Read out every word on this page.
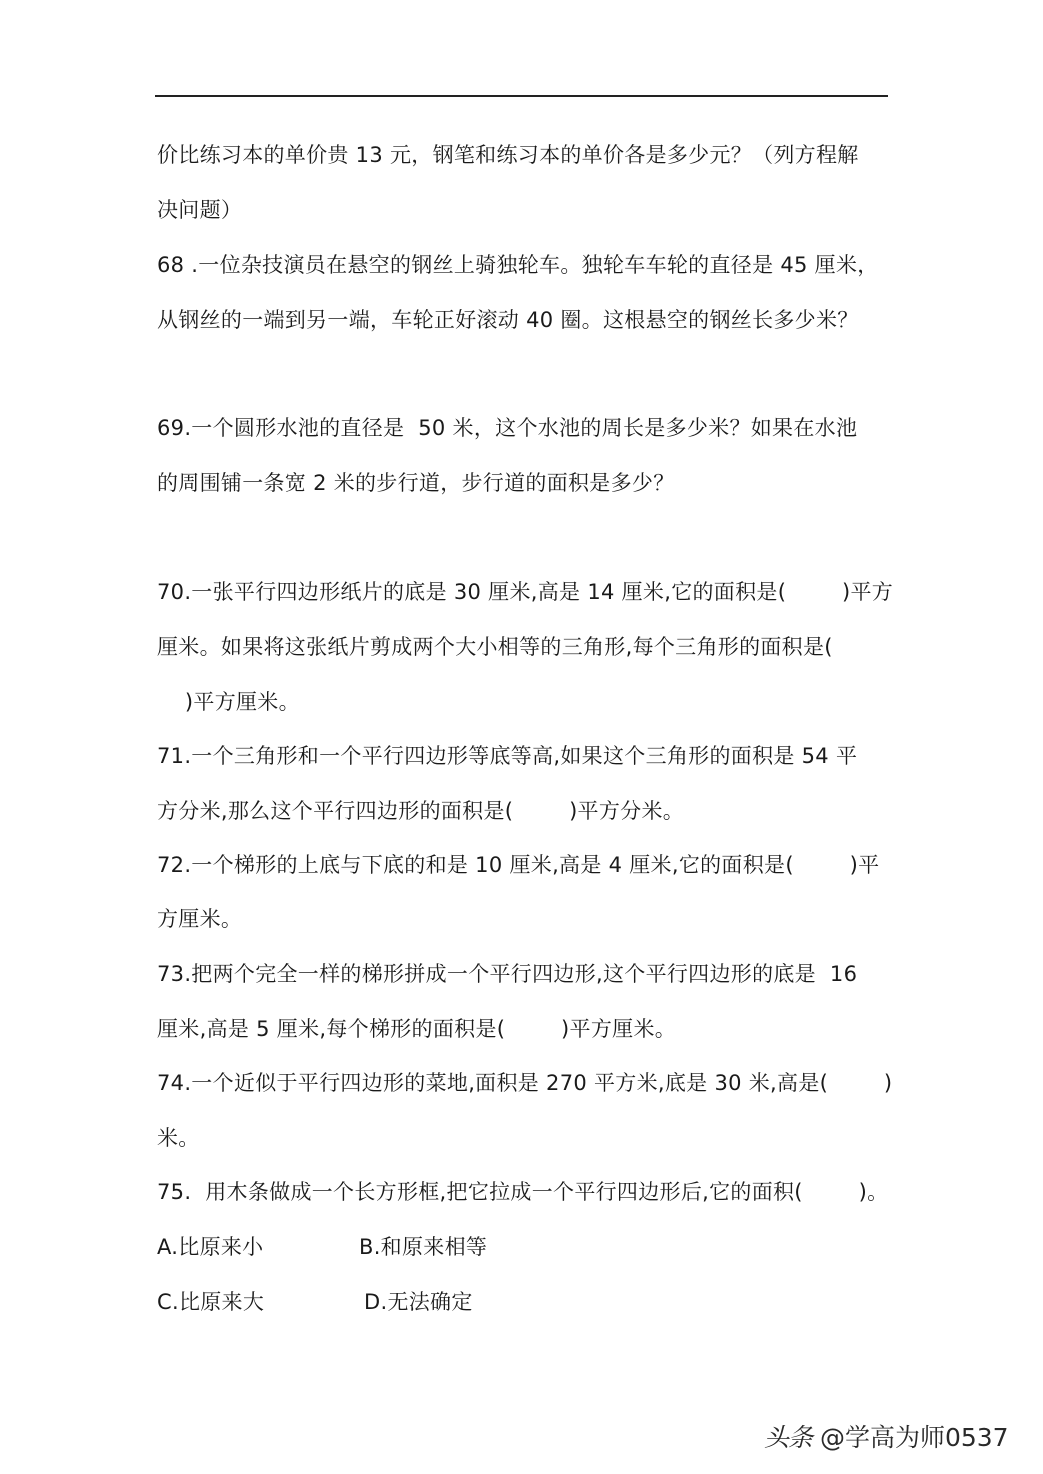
价比练习本的单价贵 13 元，钢笔和练习本的单价各是多少元？（列方程解
决问题）
68 .一位杂技演员在悬空的钢丝上骑独轮车。独轮车车轮的直径是 45 厘米，
从钢丝的一端到另一端，车轮正好滚动 40 圈。这根悬空的钢丝长多少米？
69.一个圆形水池的直径是  50 米，这个水池的周长是多少米？如果在水池
的周围铺一条宽 2 米的步行道，步行道的面积是多少？
70.一张平行四边形纸片的底是 30 厘米,高是 14 厘米,它的面积是(        )平方
厘米。如果将这张纸片剪成两个大小相等的三角形,每个三角形的面积是(
)平方厘米。
71.一个三角形和一个平行四边形等底等高,如果这个三角形的面积是 54 平
方分米,那么这个平行四边形的面积是(        )平方分米。
72.一个梯形的上底与下底的和是 10 厘米,高是 4 厘米,它的面积是(        )平
方厘米。
73.把两个完全一样的梯形拼成一个平行四边形,这个平行四边形的底是  16
厘米,高是 5 厘米,每个梯形的面积是(        )平方厘米。
74.一个近似于平行四边形的菜地,面积是 270 平方米,底是 30 米,高是(        )
米。
75.  用木条做成一个长方形框,把它拉成一个平行四边形后,它的面积(        )。
A.比原来小	B.和原来相等
C.比原来大	D.无法确定
头条 @学高为师0537
